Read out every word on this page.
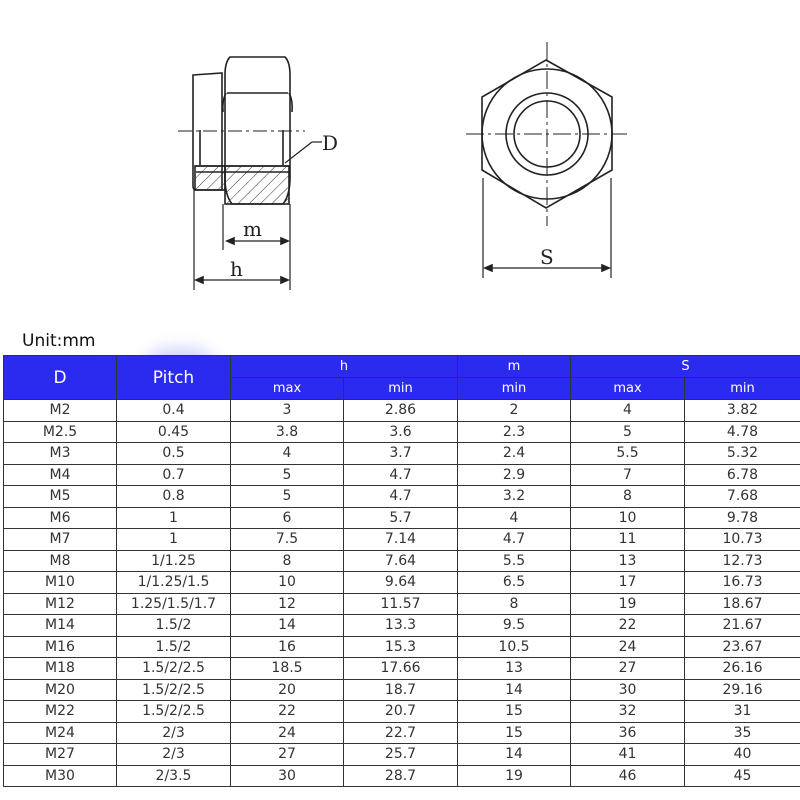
D
m
h	S
Unit:mm
D	Pitch	h		m	S	
		max	min	min	max	min
M2	0.4	3	2.86	2	4	3.82
M2.5	0.45	3.8	3.6	2.3	5	4.78
M3	0.5	4	3.7	2.4	5.5	5.32
M4	0.7	5	4.7	2.9	7	6.78
M5	0.8	5	4.7	3.2	8	7.68
M6	1	6	5.7	4	10	9.78
M7	1	7.5	7.14	4.7	11	10.73
M8	1/1.25	8	7.64	5.5	13	12.73
M10	1/1.25/1.5	10	9.64	6.5	17	16.73
M12	1.25/1.5/1.7	12	11.57	8	19	18.67
M14	1.5/2	14	13.3	9.5	22	21.67
M16	1.5/2	16	15.3	10.5	24	23.67
M18	1.5/2/2.5	18.5	17.66	13	27	26.16
M20	1.5/2/2.5	20	18.7	14	30	29.16
M22	1.5/2/2.5	22	20.7	15	32	31
M24	2/3	24	22.7	15	36	35
M27	2/3	27	25.7	14	41	40
M30	2/3.5	30	28.7	19	46	45
